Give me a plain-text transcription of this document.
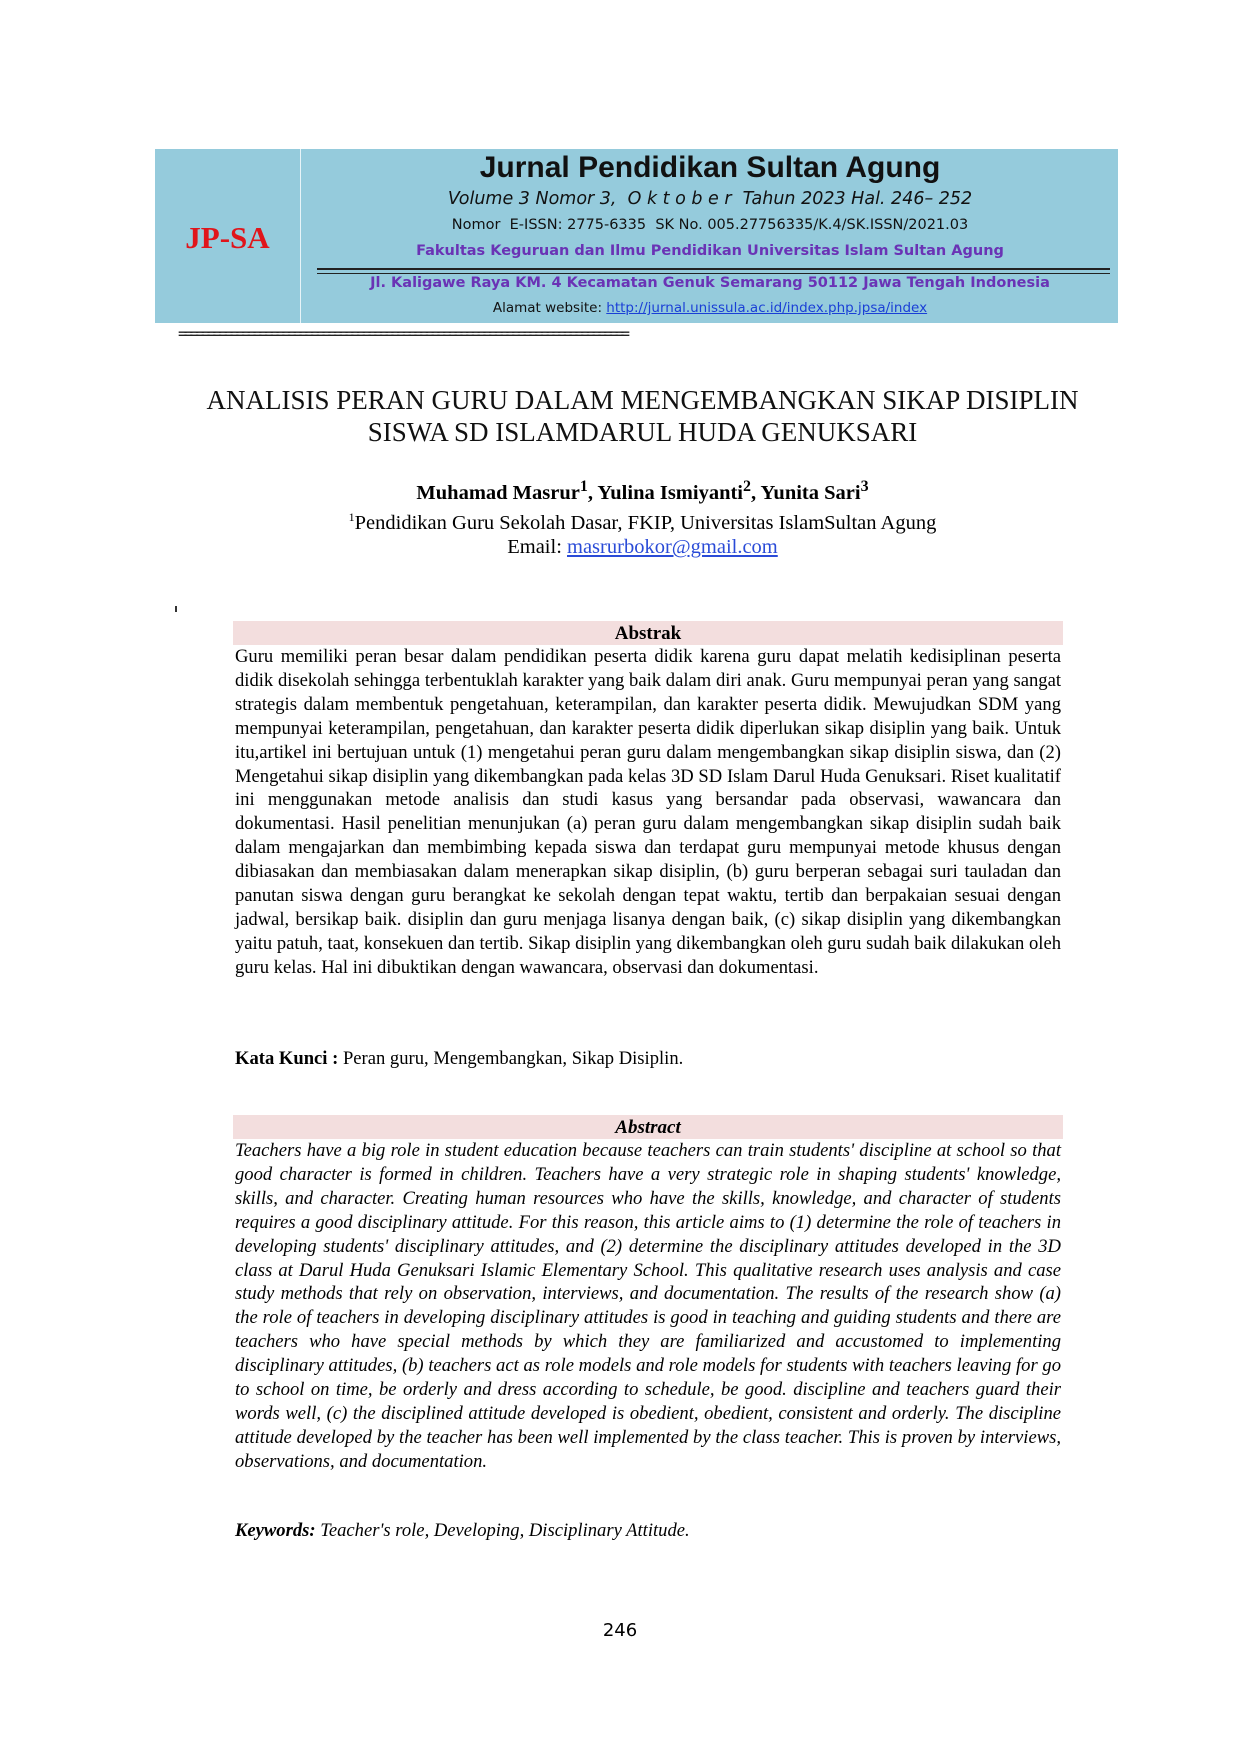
JP-SA
Jurnal Pendidikan Sultan Agung
Volume 3 Nomor 3,  O k t o b e r  Tahun 2023 Hal. 246– 252
Nomor  E-ISSN: 2775-6335  SK No. 005.27756335/K.4/SK.ISSN/2021.03
Fakultas Keguruan dan Ilmu Pendidikan Universitas Islam Sultan Agung
Jl. Kaligawe Raya KM. 4 Kecamatan Genuk Semarang 50112 Jawa Tengah Indonesia
Alamat website: http://jurnal.unissula.ac.id/index.php.jpsa/index
==============================================================================
ANALISIS PERAN GURU DALAM MENGEMBANGKAN SIKAP DISIPLIN
SISWA SD ISLAMDARUL HUDA GENUKSARI
Muhamad Masrur$^1$, Yulina Ismiyanti$^2$, Yunita Sari$^3$
$^1$Pendidikan Guru Sekolah Dasar, FKIP, Universitas IslamSultan Agung
Email: masrurbokor@gmail.com
Abstrak
Guru memiliki peran besar dalam pendidikan peserta didik karena guru dapat melatih kedisiplinan peserta didik disekolah sehingga terbentuklah karakter yang baik dalam diri anak. Guru mempunyai peran yang sangat strategis dalam membentuk pengetahuan, keterampilan, dan karakter peserta didik. Mewujudkan SDM yang mempunyai keterampilan, pengetahuan, dan karakter peserta didik diperlukan sikap disiplin yang baik. Untuk itu,artikel ini bertujuan untuk (1) mengetahui peran guru dalam mengembangkan sikap disiplin siswa, dan (2) Mengetahui sikap disiplin yang dikembangkan pada kelas 3D SD Islam Darul Huda Genuksari. Riset kualitatif ini menggunakan metode analisis dan studi kasus yang bersandar pada observasi, wawancara dan dokumentasi. Hasil penelitian menunjukan (a) peran guru dalam mengembangkan sikap disiplin sudah baik dalam mengajarkan dan membimbing kepada siswa dan terdapat guru mempunyai metode khusus dengan dibiasakan dan membiasakan dalam menerapkan sikap disiplin, (b) guru berperan sebagai suri tauladan dan panutan siswa dengan guru berangkat ke sekolah dengan tepat waktu, tertib dan berpakaian sesuai dengan jadwal, bersikap baik. disiplin dan guru menjaga lisanya dengan baik, (c) sikap disiplin yang dikembangkan yaitu patuh, taat, konsekuen dan tertib. Sikap disiplin yang dikembangkan oleh guru sudah baik dilakukan oleh guru kelas. Hal ini dibuktikan dengan wawancara, observasi dan dokumentasi.
Kata Kunci : Peran guru, Mengembangkan, Sikap Disiplin.
Abstract
Teachers have a big role in student education because teachers can train students' discipline at school so that good character is formed in children. Teachers have a very strategic role in shaping students' knowledge, skills, and character. Creating human resources who have the skills, knowledge, and character of students requires a good disciplinary attitude. For this reason, this article aims to (1) determine the role of teachers in developing students' disciplinary attitudes, and (2) determine the disciplinary attitudes developed in the 3D class at Darul Huda Genuksari Islamic Elementary School. This qualitative research uses analysis and case study methods that rely on observation, interviews, and documentation. The results of the research show (a) the role of teachers in developing disciplinary attitudes is good in teaching and guiding students and there are teachers who have special methods by which they are familiarized and accustomed to implementing disciplinary attitudes, (b) teachers act as role models and role models for students with teachers leaving for go to school on time, be orderly and dress according to schedule, be good. discipline and teachers guard their words well, (c) the disciplined attitude developed is obedient, obedient, consistent and orderly. The discipline attitude developed by the teacher has been well implemented by the class teacher. This is proven by interviews, observations, and documentation.
Keywords: Teacher's role, Developing, Disciplinary Attitude.
246
